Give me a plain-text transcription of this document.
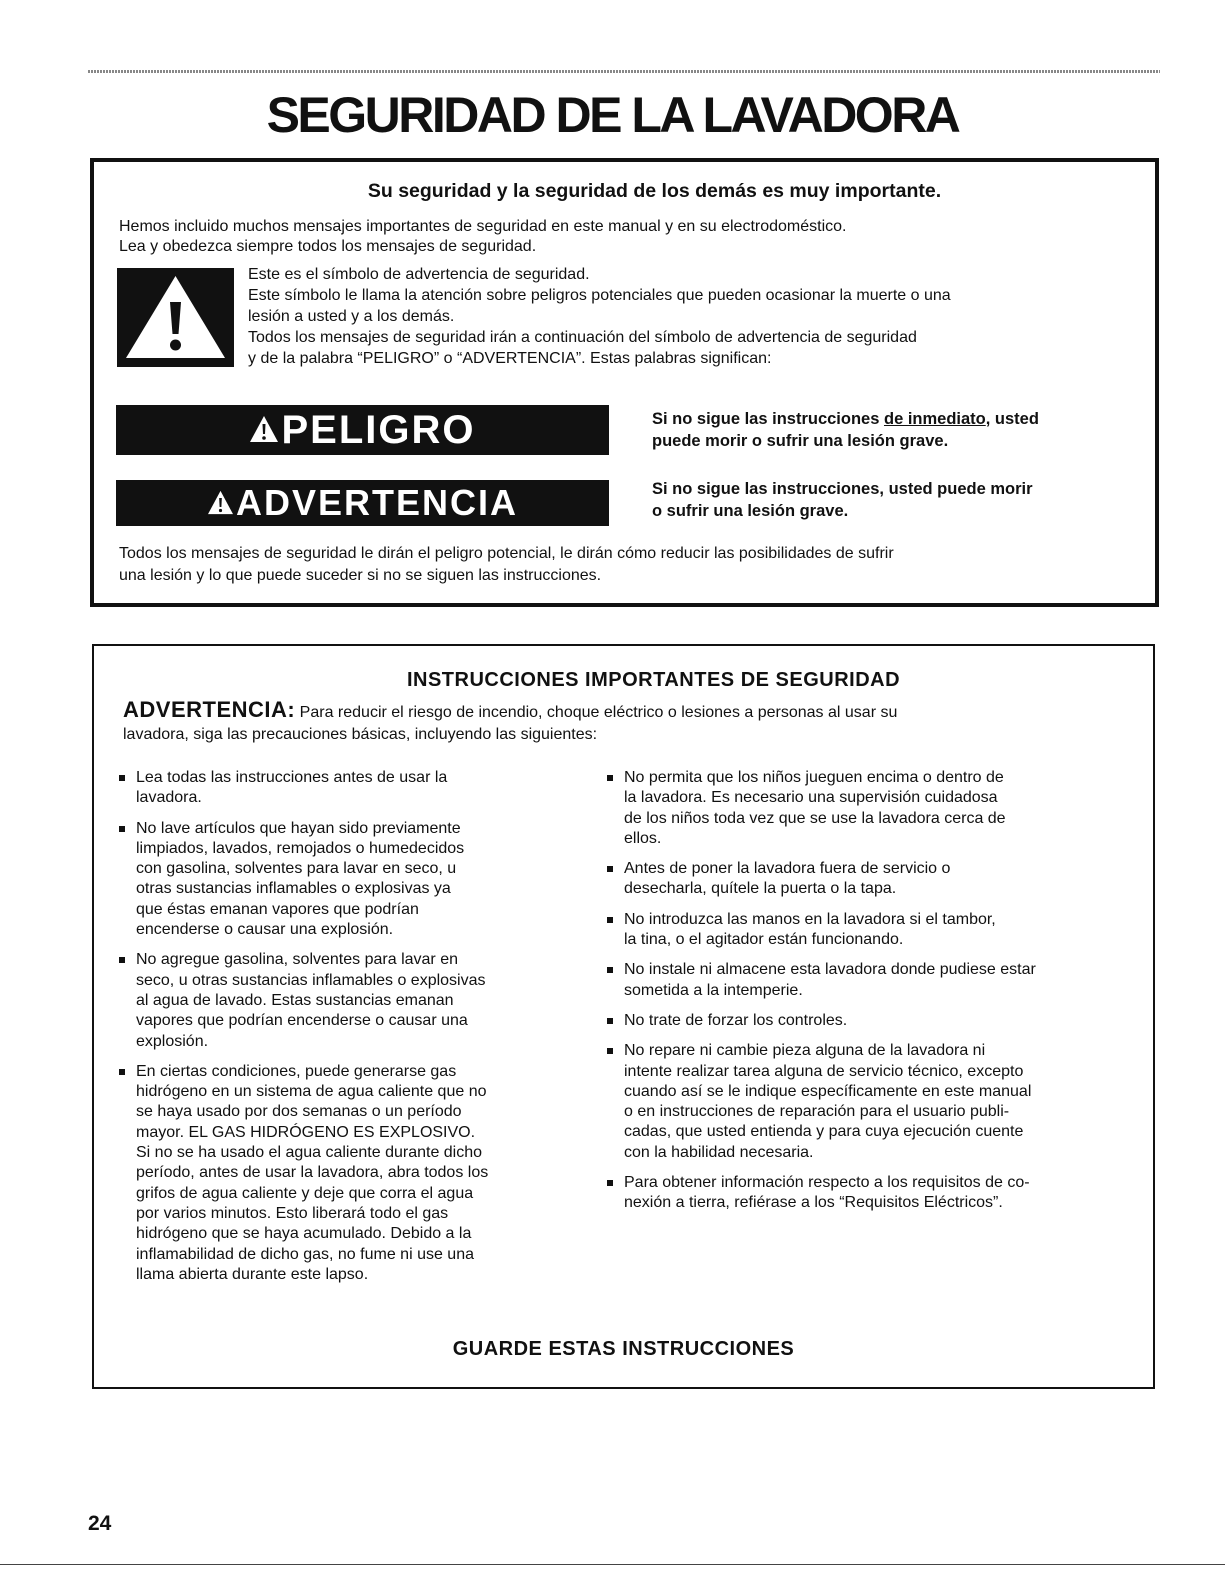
SEGURIDAD DE LA LAVADORA
Su seguridad y la seguridad de los demás es muy importante.
Hemos incluido muchos mensajes importantes de seguridad en este manual y en su electrodoméstico.
Lea y obedezca siempre todos los mensajes de seguridad.
Este es el símbolo de advertencia de seguridad.
Este símbolo le llama la atención sobre peligros potenciales que pueden ocasionar la muerte o una
lesión a usted y a los demás.
Todos los mensajes de seguridad irán a continuación del símbolo de advertencia de seguridad
y de la palabra “PELIGRO” o “ADVERTENCIA”. Estas palabras significan:
PELIGRO	Si no sigue las instrucciones de inmediato, usted
puede morir o sufrir una lesión grave.
ADVERTENCIA	Si no sigue las instrucciones, usted puede morir
o sufrir una lesión grave.
Todos los mensajes de seguridad le dirán el peligro potencial, le dirán cómo reducir las posibilidades de sufrir
una lesión y lo que puede suceder si no se siguen las instrucciones.
INSTRUCCIONES IMPORTANTES DE SEGURIDAD
ADVERTENCIA: Para reducir el riesgo de incendio, choque eléctrico o lesiones a personas al usar su
lavadora, siga las precauciones básicas, incluyendo las siguientes:
Lea todas las instrucciones antes de usar la
lavadora.
No lave artículos que hayan sido previamente
limpiados, lavados, remojados o humedecidos
con gasolina, solventes para lavar en seco, u
otras sustancias inflamables o explosivas ya
que éstas emanan vapores que podrían
encenderse o causar una explosión.
No agregue gasolina, solventes para lavar en
seco, u otras sustancias inflamables o explosivas
al agua de lavado. Estas sustancias emanan
vapores que podrían encenderse o causar una
explosión.
En ciertas condiciones, puede generarse gas
hidrógeno en un sistema de agua caliente que no
se haya usado por dos semanas o un período
mayor. EL GAS HIDRÓGENO ES EXPLOSIVO.
Si no se ha usado el agua caliente durante dicho
período, antes de usar la lavadora, abra todos los
grifos de agua caliente y deje que corra el agua
por varios minutos. Esto liberará todo el gas
hidrógeno que se haya acumulado. Debido a la
inflamabilidad de dicho gas, no fume ni use una
llama abierta durante este lapso.
No permita que los niños jueguen encima o dentro de
la lavadora. Es necesario una supervisión cuidadosa
de los niños toda vez que se use la lavadora cerca de
ellos.
Antes de poner la lavadora fuera de servicio o
desecharla, quítele la puerta o la tapa.
No introduzca las manos en la lavadora si el tambor,
la tina, o el agitador están funcionando.
No instale ni almacene esta lavadora donde pudiese estar
sometida a la intemperie.
No trate de forzar los controles.
No repare ni cambie pieza alguna de la lavadora ni
intente realizar tarea alguna de servicio técnico, excepto
cuando así se le indique específicamente en este manual
o en instrucciones de reparación para el usuario publi-
cadas, que usted entienda y para cuya ejecución cuente
con la habilidad necesaria.
Para obtener información respecto a los requisitos de co-
nexión a tierra, refiérase a los “Requisitos Eléctricos”.
GUARDE ESTAS INSTRUCCIONES
24
